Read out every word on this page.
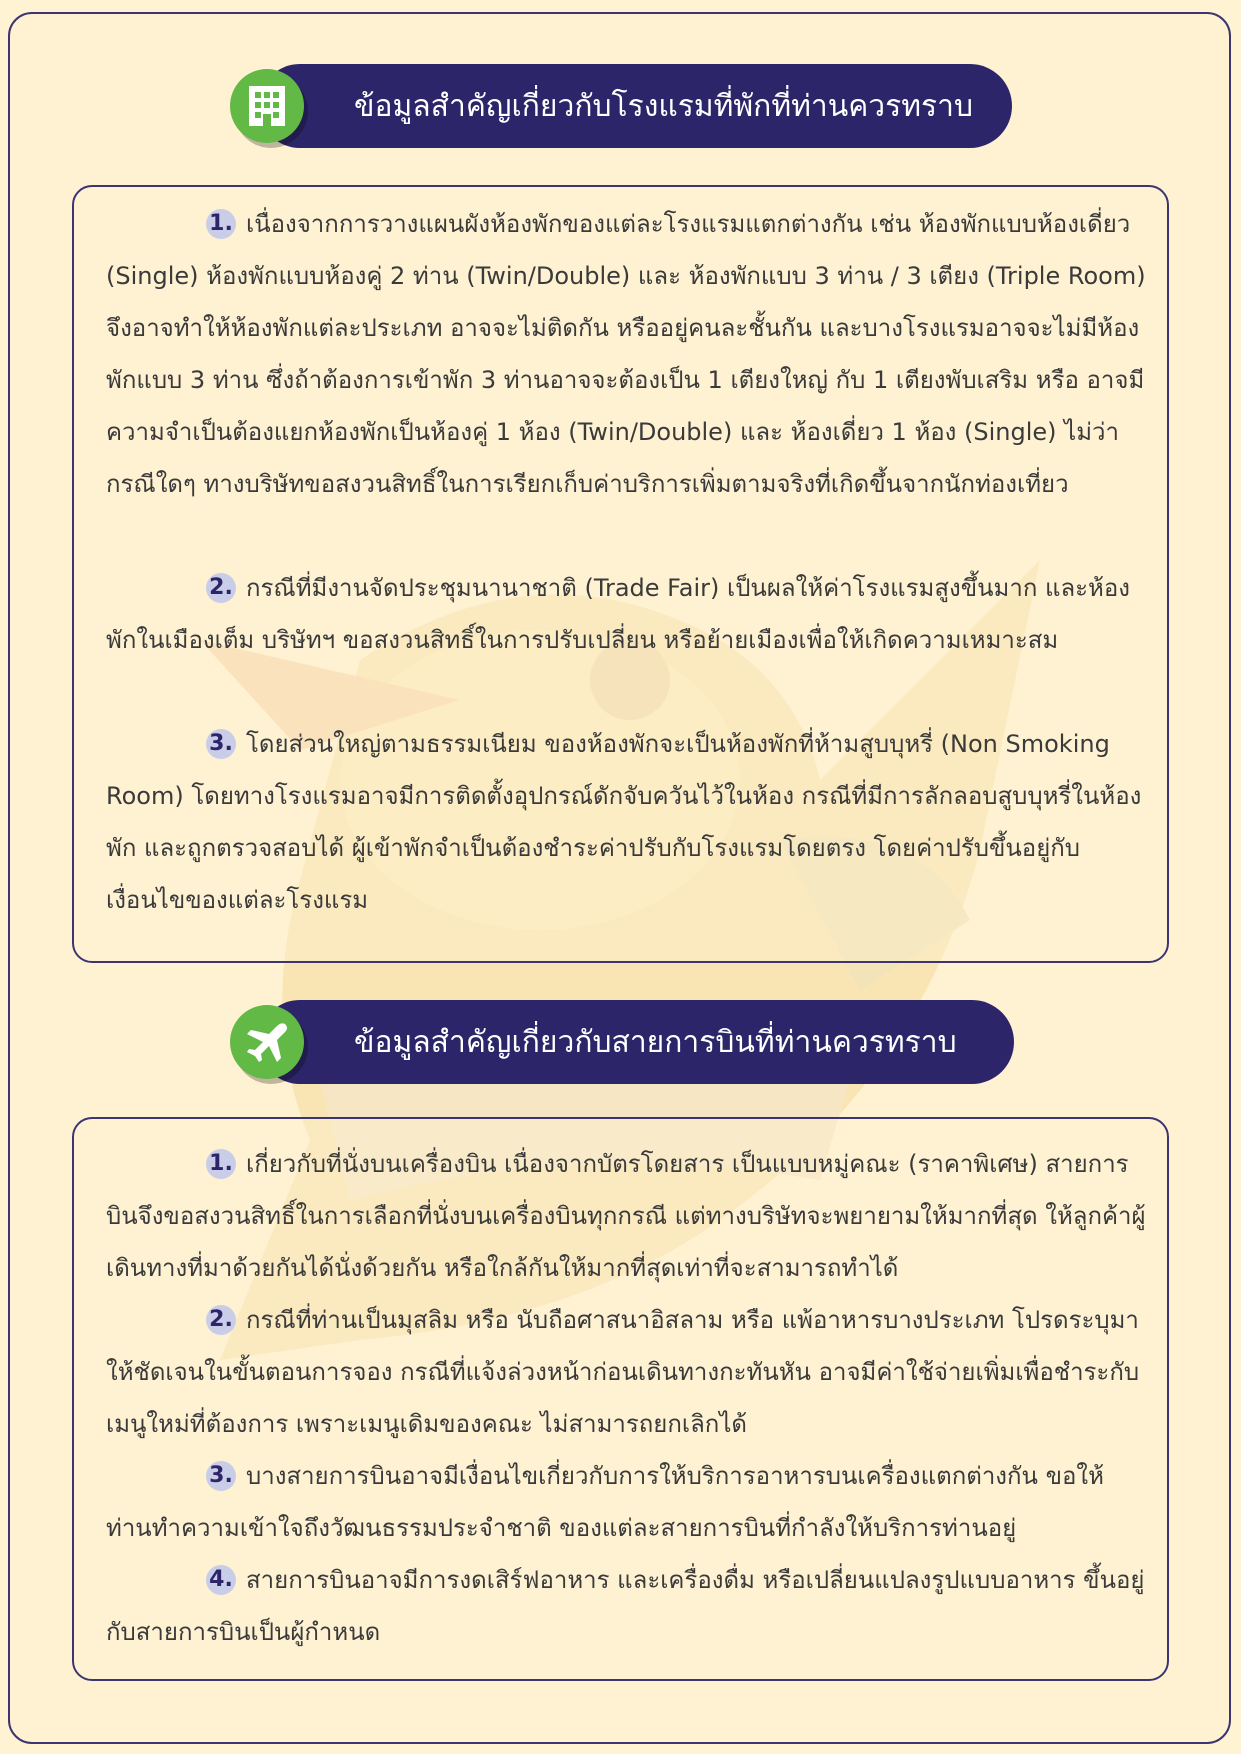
ข้อมูลสำคัญเกี่ยวกับโรงแรมที่พักที่ท่านควรทราบ
1. เนื่องจากการวางแผนผังห้องพักของแต่ละโรงแรมแตกต่างกัน เช่น ห้องพักแบบห้องเดี่ยว (Single) ห้องพักแบบห้องคู่ 2 ท่าน (Twin/Double) และ ห้องพักแบบ 3 ท่าน / 3 เตียง (Triple Room) จึงอาจทำให้ห้องพักแต่ละประเภท อาจจะไม่ติดกัน หรืออยู่คนละชั้นกัน และบางโรงแรมอาจจะไม่มีห้องพักแบบ 3 ท่าน ซึ่งถ้าต้องการเข้าพัก 3 ท่านอาจจะต้องเป็น 1 เตียงใหญ่ กับ 1 เตียงพับเสริม หรือ อาจมีความจำเป็นต้องแยกห้องพักเป็นห้องคู่ 1 ห้อง (Twin/Double) และ ห้องเดี่ยว 1 ห้อง (Single) ไม่ว่ากรณีใดๆ ทางบริษัทขอสงวนสิทธิ์ในการเรียกเก็บค่าบริการเพิ่มตามจริงที่เกิดขึ้นจากนักท่องเที่ยว
2. กรณีที่มีงานจัดประชุมนานาชาติ (Trade Fair) เป็นผลให้ค่าโรงแรมสูงขึ้นมาก และห้องพักในเมืองเต็ม บริษัทฯ ขอสงวนสิทธิ์ในการปรับเปลี่ยน หรือย้ายเมืองเพื่อให้เกิดความเหมาะสม
3. โดยส่วนใหญ่ตามธรรมเนียม ของห้องพักจะเป็นห้องพักที่ห้ามสูบบุหรี่ (Non Smoking Room) โดยทางโรงแรมอาจมีการติดตั้งอุปกรณ์ดักจับควันไว้ในห้อง กรณีที่มีการลักลอบสูบบุหรี่ในห้องพัก และถูกตรวจสอบได้ ผู้เข้าพักจำเป็นต้องชำระค่าปรับกับโรงแรมโดยตรง โดยค่าปรับขึ้นอยู่กับเงื่อนไขของแต่ละโรงแรม
ข้อมูลสำคัญเกี่ยวกับสายการบินที่ท่านควรทราบ
1. เกี่ยวกับที่นั่งบนเครื่องบิน เนื่องจากบัตรโดยสาร เป็นแบบหมู่คณะ (ราคาพิเศษ) สายการบินจึงขอสงวนสิทธิ์ในการเลือกที่นั่งบนเครื่องบินทุกกรณี แต่ทางบริษัทจะพยายามให้มากที่สุด ให้ลูกค้าผู้เดินทางที่มาด้วยกันได้นั่งด้วยกัน หรือใกล้กันให้มากที่สุดเท่าที่จะสามารถทำได้
2. กรณีที่ท่านเป็นมุสลิม หรือ นับถือศาสนาอิสลาม หรือ แพ้อาหารบางประเภท โปรดระบุมาให้ชัดเจนในขั้นตอนการจอง กรณีที่แจ้งล่วงหน้าก่อนเดินทางกะทันหัน อาจมีค่าใช้จ่ายเพิ่มเพื่อชำระกับเมนูใหม่ที่ต้องการ เพราะเมนูเดิมของคณะ ไม่สามารถยกเลิกได้
3. บางสายการบินอาจมีเงื่อนไขเกี่ยวกับการให้บริการอาหารบนเครื่องแตกต่างกัน ขอให้ท่านทำความเข้าใจถึงวัฒนธรรมประจำชาติ ของแต่ละสายการบินที่กำลังให้บริการท่านอยู่
4. สายการบินอาจมีการงดเสิร์ฟอาหาร และเครื่องดื่ม หรือเปลี่ยนแปลงรูปแบบอาหาร ขึ้นอยู่กับสายการบินเป็นผู้กำหนด
